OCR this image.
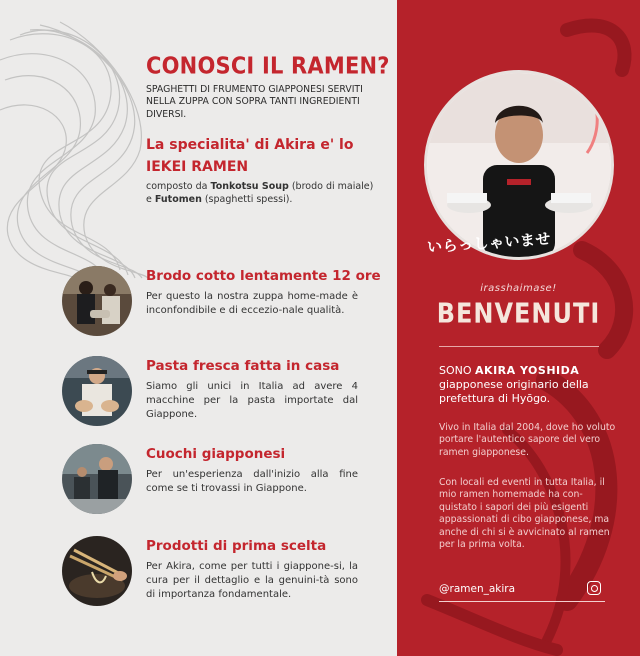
CONOSCI IL RAMEN?
SPAGHETTI DI FRUMENTO GIAPPONESI SERVITI NELLA ZUPPA CON SOPRA TANTI INGREDIENTI DIVERSI.
La specialita' di Akira e' lo
IEKEI RAMEN
composto da Tonkotsu Soup (brodo di maiale) e Futomen (spaghetti spessi).
Brodo cotto lentamente 12 ore
Per questo la nostra zuppa home-made è inconfondibile e di eccezio-nale qualità.
Pasta fresca fatta in casa
Siamo gli unici in Italia ad avere 4 macchine per la pasta importate dal Giappone.
Cuochi giapponesi
Per un'esperienza dall'inizio alla fine come se ti trovassi in Giappone.
Prodotti di prima scelta
Per Akira, come per tutti i giappone-si, la cura per il dettaglio e la genuini-tà sono di importanza fondamentale.
いらっしゃいませ
irasshaimase!
BENVENUTI
SONO AKIRA YOSHIDA
giapponese originario della prefettura di Hyōgo.
Vivo in Italia dal 2004, dove ho voluto portare l'autentico sapore del vero ramen giapponese.
Con locali ed eventi in tutta Italia, il mio ramen homemade ha con-quistato i sapori dei più esigenti appassionati di cibo giapponese, ma anche di chi si è avvicinato al ramen per la prima volta.
@ramen_akira
